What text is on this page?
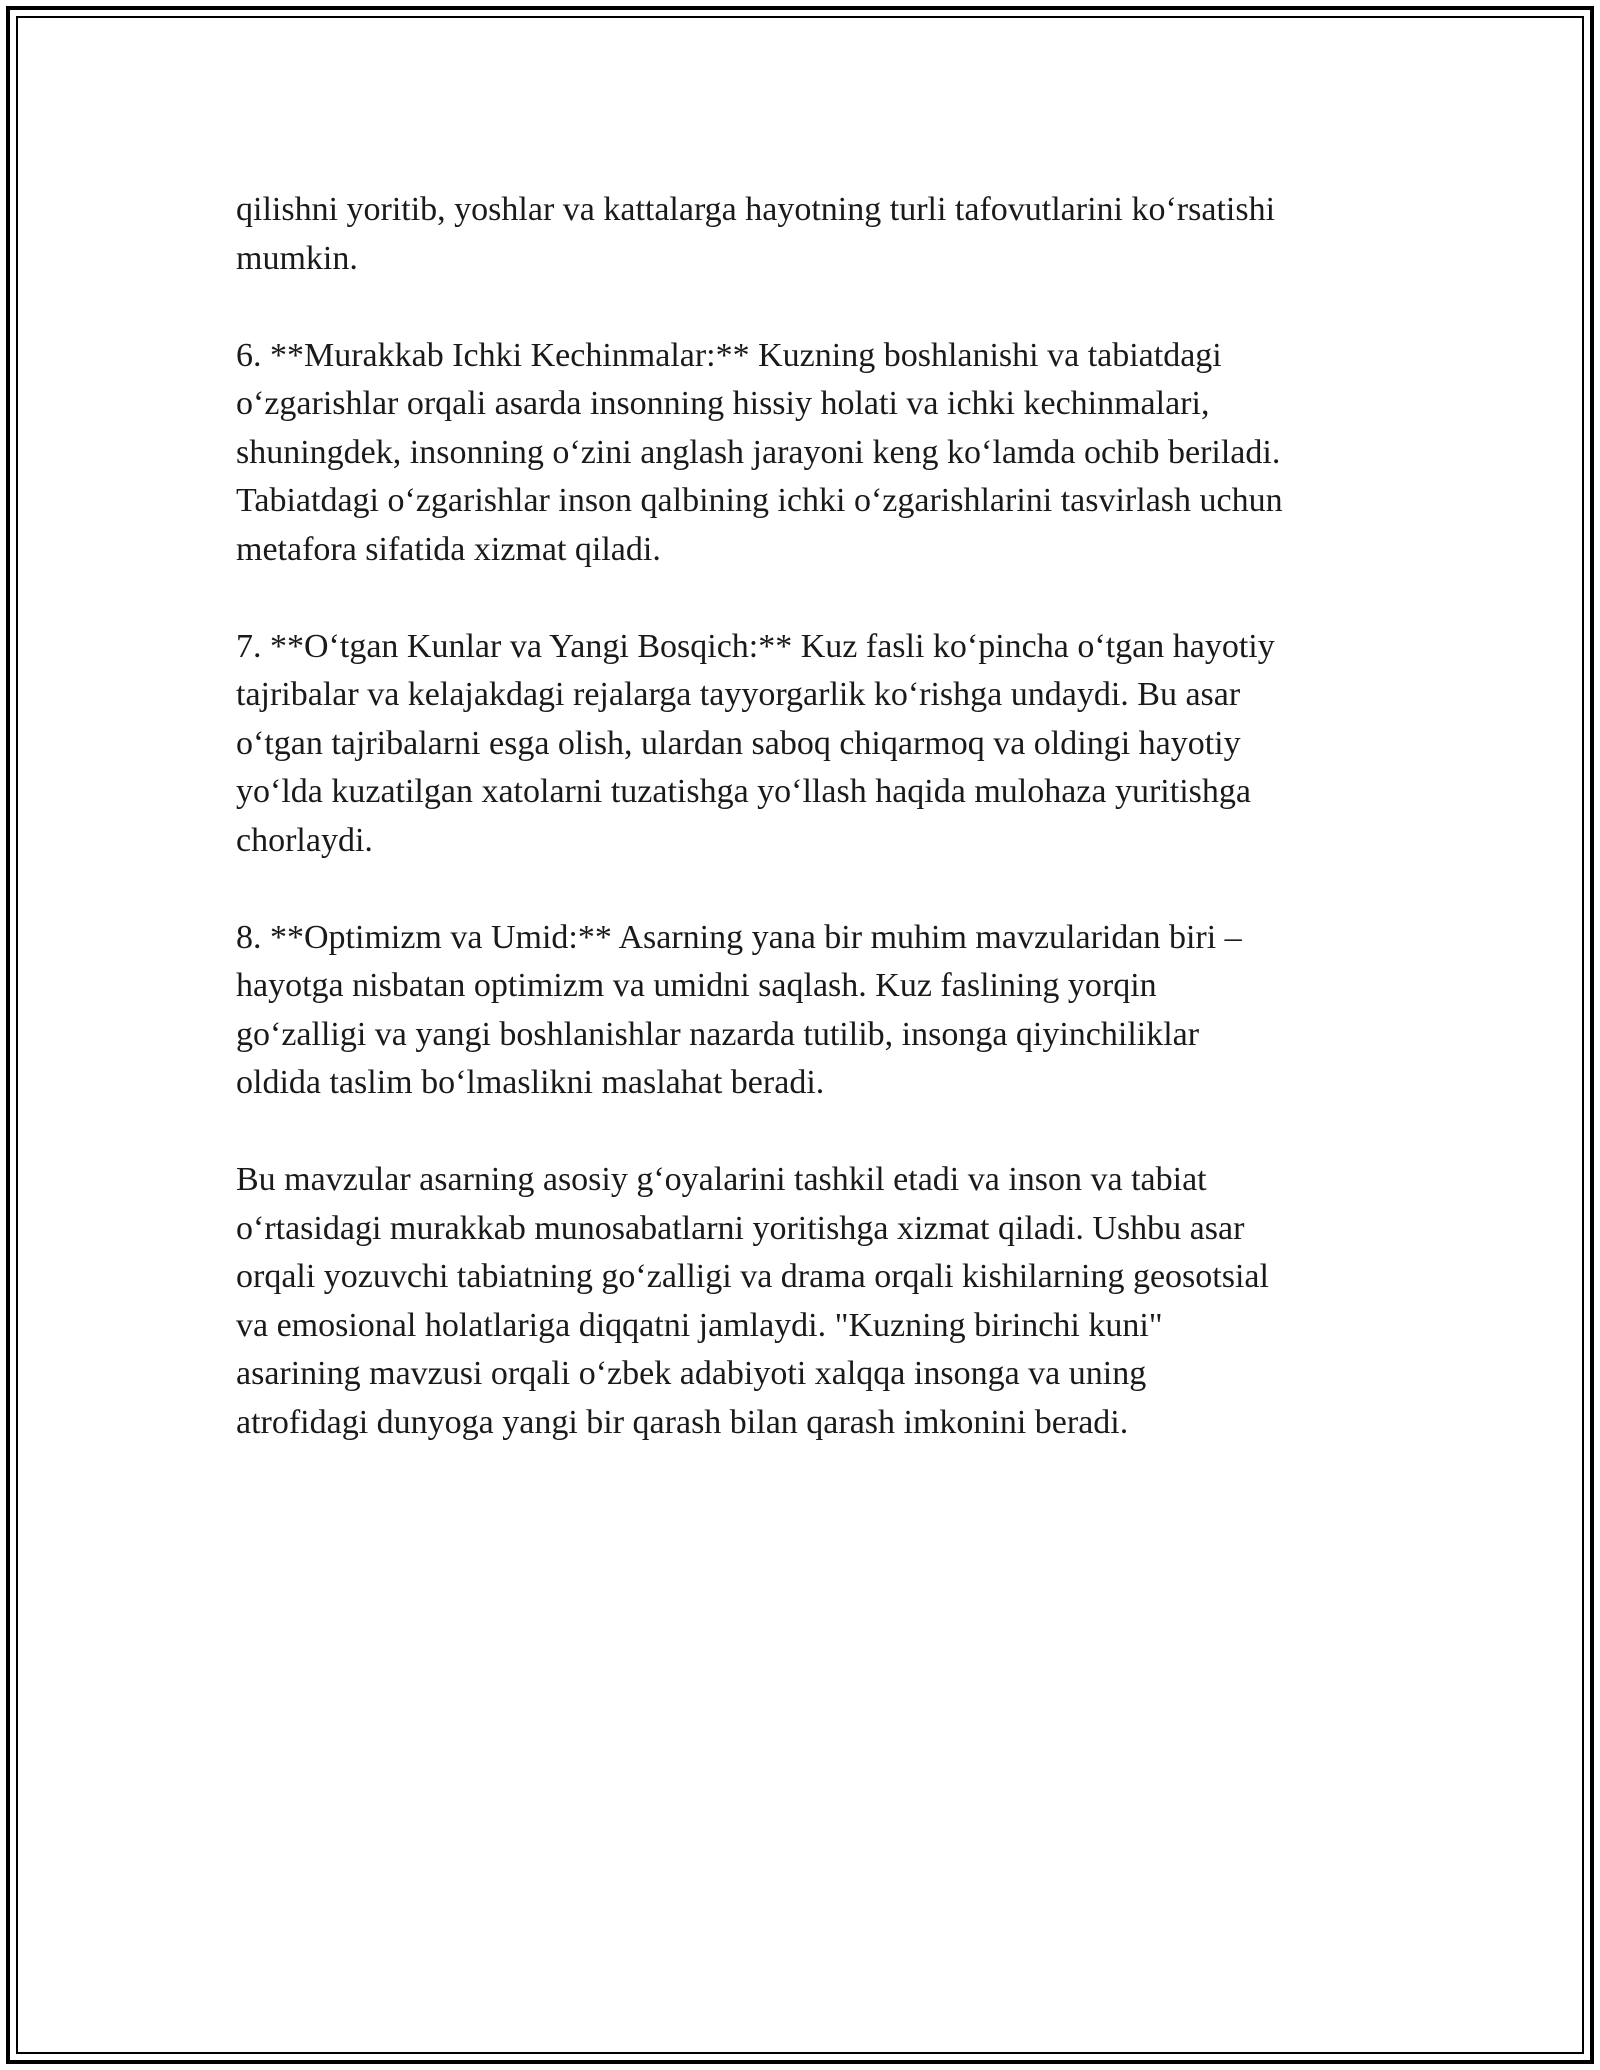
qilishni yoritib, yoshlar va kattalarga hayotning turli tafovutlarini ko‘rsatishi
mumkin.

6. **Murakkab Ichki Kechinmalar:** Kuzning boshlanishi va tabiatdagi
o‘zgarishlar orqali asarda insonning hissiy holati va ichki kechinmalari,
shuningdek, insonning o‘zini anglash jarayoni keng ko‘lamda ochib beriladi.
Tabiatdagi o‘zgarishlar inson qalbining ichki o‘zgarishlarini tasvirlash uchun
metafora sifatida xizmat qiladi.

7. **O‘tgan Kunlar va Yangi Bosqich:** Kuz fasli ko‘pincha o‘tgan hayotiy
tajribalar va kelajakdagi rejalarga tayyorgarlik ko‘rishga undaydi. Bu asar
o‘tgan tajribalarni esga olish, ulardan saboq chiqarmoq va oldingi hayotiy
yo‘lda kuzatilgan xatolarni tuzatishga yo‘llash haqida mulohaza yuritishga
chorlaydi.

8. **Optimizm va Umid:** Asarning yana bir muhim mavzularidan biri –
hayotga nisbatan optimizm va umidni saqlash. Kuz faslining yorqin
go‘zalligi va yangi boshlanishlar nazarda tutilib, insonga qiyinchiliklar
oldida taslim bo‘lmaslikni maslahat beradi.

Bu mavzular asarning asosiy g‘oyalarini tashkil etadi va inson va tabiat
o‘rtasidagi murakkab munosabatlarni yoritishga xizmat qiladi. Ushbu asar
orqali yozuvchi tabiatning go‘zalligi va drama orqali kishilarning geosotsial
va emosional holatlariga diqqatni jamlaydi. "Kuzning birinchi kuni"
asarining mavzusi orqali o‘zbek adabiyoti xalqqa insonga va uning
atrofidagi dunyoga yangi bir qarash bilan qarash imkonini beradi.
